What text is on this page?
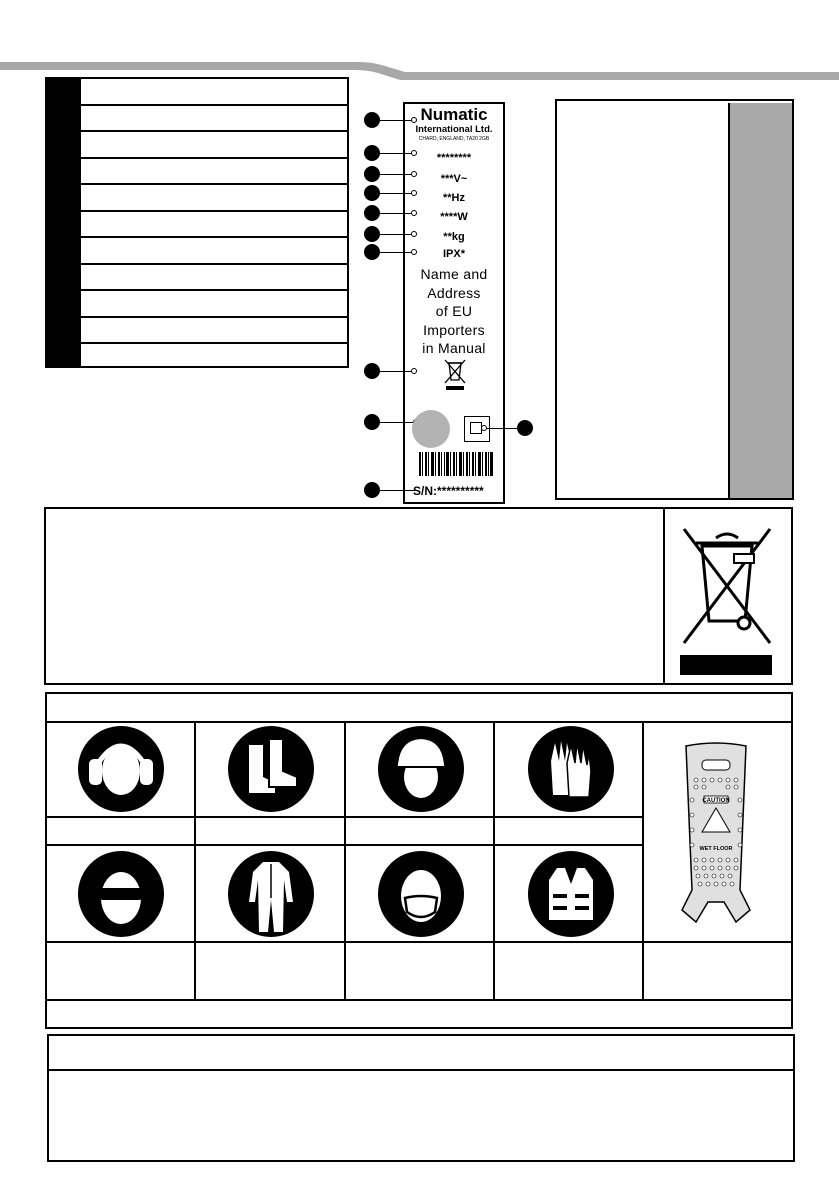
Numatic
International Ltd.
CHARD, ENGLAND, TA20 2GB
********
***V~
**Hz
****W
**kg
IPX*
Name and
Address
of EU
Importers
in Manual
S/N:**********
CAUTION
WET FLOOR
